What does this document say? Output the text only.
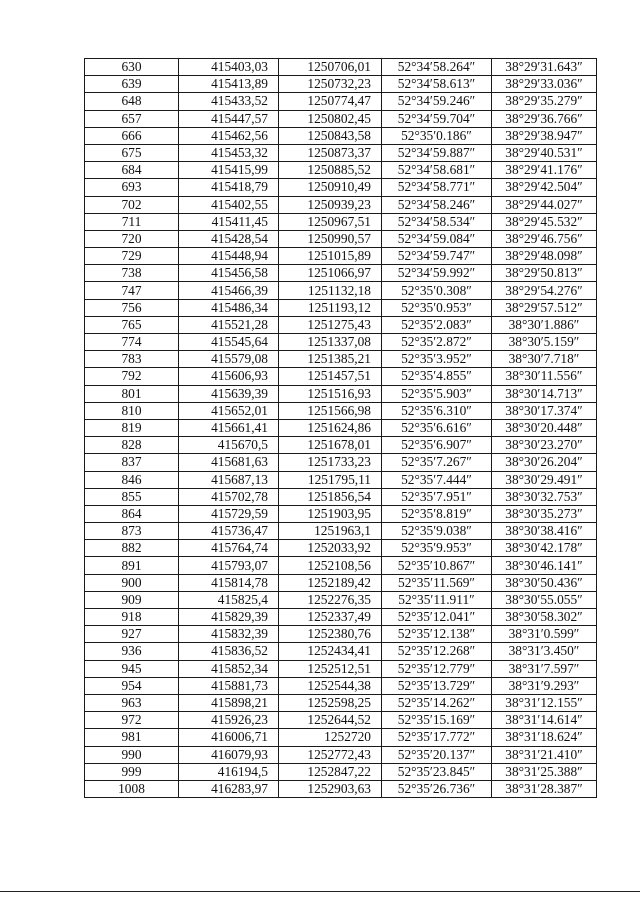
630	415403,03	1250706,01	52°34′58.264″	38°29′31.643″
639	415413,89	1250732,23	52°34′58.613″	38°29′33.036″
648	415433,52	1250774,47	52°34′59.246″	38°29′35.279″
657	415447,57	1250802,45	52°34′59.704″	38°29′36.766″
666	415462,56	1250843,58	52°35′0.186″	38°29′38.947″
675	415453,32	1250873,37	52°34′59.887″	38°29′40.531″
684	415415,99	1250885,52	52°34′58.681″	38°29′41.176″
693	415418,79	1250910,49	52°34′58.771″	38°29′42.504″
702	415402,55	1250939,23	52°34′58.246″	38°29′44.027″
711	415411,45	1250967,51	52°34′58.534″	38°29′45.532″
720	415428,54	1250990,57	52°34′59.084″	38°29′46.756″
729	415448,94	1251015,89	52°34′59.747″	38°29′48.098″
738	415456,58	1251066,97	52°34′59.992″	38°29′50.813″
747	415466,39	1251132,18	52°35′0.308″	38°29′54.276″
756	415486,34	1251193,12	52°35′0.953″	38°29′57.512″
765	415521,28	1251275,43	52°35′2.083″	38°30′1.886″
774	415545,64	1251337,08	52°35′2.872″	38°30′5.159″
783	415579,08	1251385,21	52°35′3.952″	38°30′7.718″
792	415606,93	1251457,51	52°35′4.855″	38°30′11.556″
801	415639,39	1251516,93	52°35′5.903″	38°30′14.713″
810	415652,01	1251566,98	52°35′6.310″	38°30′17.374″
819	415661,41	1251624,86	52°35′6.616″	38°30′20.448″
828	415670,5	1251678,01	52°35′6.907″	38°30′23.270″
837	415681,63	1251733,23	52°35′7.267″	38°30′26.204″
846	415687,13	1251795,11	52°35′7.444″	38°30′29.491″
855	415702,78	1251856,54	52°35′7.951″	38°30′32.753″
864	415729,59	1251903,95	52°35′8.819″	38°30′35.273″
873	415736,47	1251963,1	52°35′9.038″	38°30′38.416″
882	415764,74	1252033,92	52°35′9.953″	38°30′42.178″
891	415793,07	1252108,56	52°35′10.867″	38°30′46.141″
900	415814,78	1252189,42	52°35′11.569″	38°30′50.436″
909	415825,4	1252276,35	52°35′11.911″	38°30′55.055″
918	415829,39	1252337,49	52°35′12.041″	38°30′58.302″
927	415832,39	1252380,76	52°35′12.138″	38°31′0.599″
936	415836,52	1252434,41	52°35′12.268″	38°31′3.450″
945	415852,34	1252512,51	52°35′12.779″	38°31′7.597″
954	415881,73	1252544,38	52°35′13.729″	38°31′9.293″
963	415898,21	1252598,25	52°35′14.262″	38°31′12.155″
972	415926,23	1252644,52	52°35′15.169″	38°31′14.614″
981	416006,71	1252720	52°35′17.772″	38°31′18.624″
990	416079,93	1252772,43	52°35′20.137″	38°31′21.410″
999	416194,5	1252847,22	52°35′23.845″	38°31′25.388″
1008	416283,97	1252903,63	52°35′26.736″	38°31′28.387″
